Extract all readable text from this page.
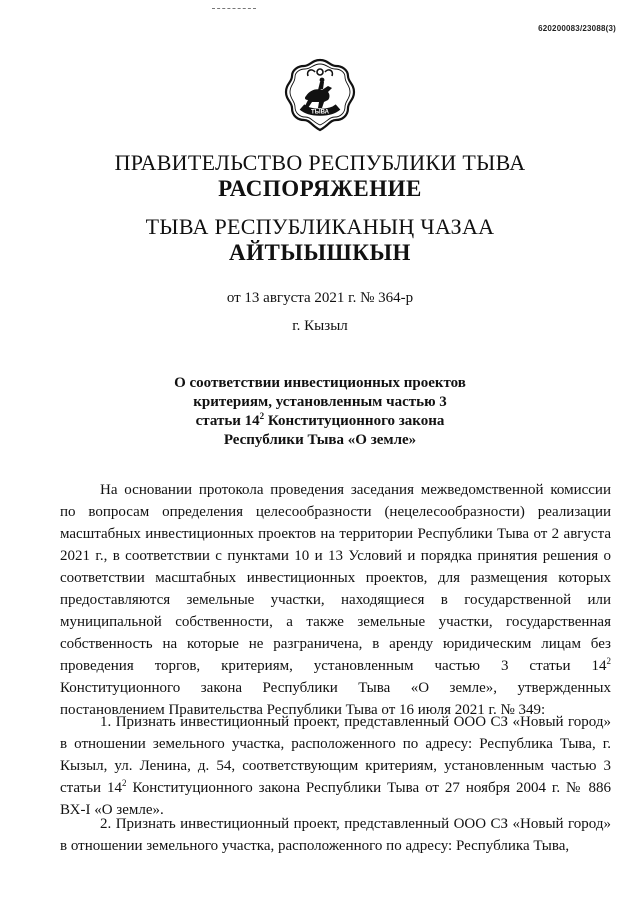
620200083/23088(3)
ТЫВА
ПРАВИТЕЛЬСТВО РЕСПУБЛИКИ ТЫВА
РАСПОРЯЖЕНИЕ
ТЫВА РЕСПУБЛИКАНЫҢ ЧАЗАА
АЙТЫЫШКЫН
от 13 августа 2021 г. № 364-р
г. Кызыл
О соответствии инвестиционных проектов
критериям, установленным частью 3
статьи $14^2$ Конституционного закона
Республики Тыва «О земле»

На основании протокола проведения заседания межведомственной комиссии по вопросам определения целесообразности (нецелесообразности) реализации масштабных инвестиционных проектов на территории Республики Тыва от 2 августа 2021 г., в соответствии с пунктами 10 и 13 Условий и порядка принятия решения о соответствии масштабных инвестиционных проектов, для размещения которых предоставляются земельные участки, находящиеся в государственной или муниципальной собственности, а также земельные участки, государственная собственность на которые не разграничена, в аренду юридическим лицам без проведения торгов, критериям, установленным частью 3 статьи $14^2$ Конституционного закона Республики Тыва «О земле», утвержденных постановлением Правительства Республики Тыва от 16 июля 2021 г. № 349:

1. Признать инвестиционный проект, представленный ООО СЗ «Новый город» в отношении земельного участка, расположенного по адресу: Республика Тыва, г. Кызыл, ул. Ленина, д. 54, соответствующим критериям, установленным частью 3 статьи $14^2$ Конституционного закона Республики Тыва от 27 ноября 2004 г. № 886 ВХ-I «О земле».

2. Признать инвестиционный проект, представленный ООО СЗ «Новый город» в отношении земельного участка, расположенного по адресу: Республика Тыва,
